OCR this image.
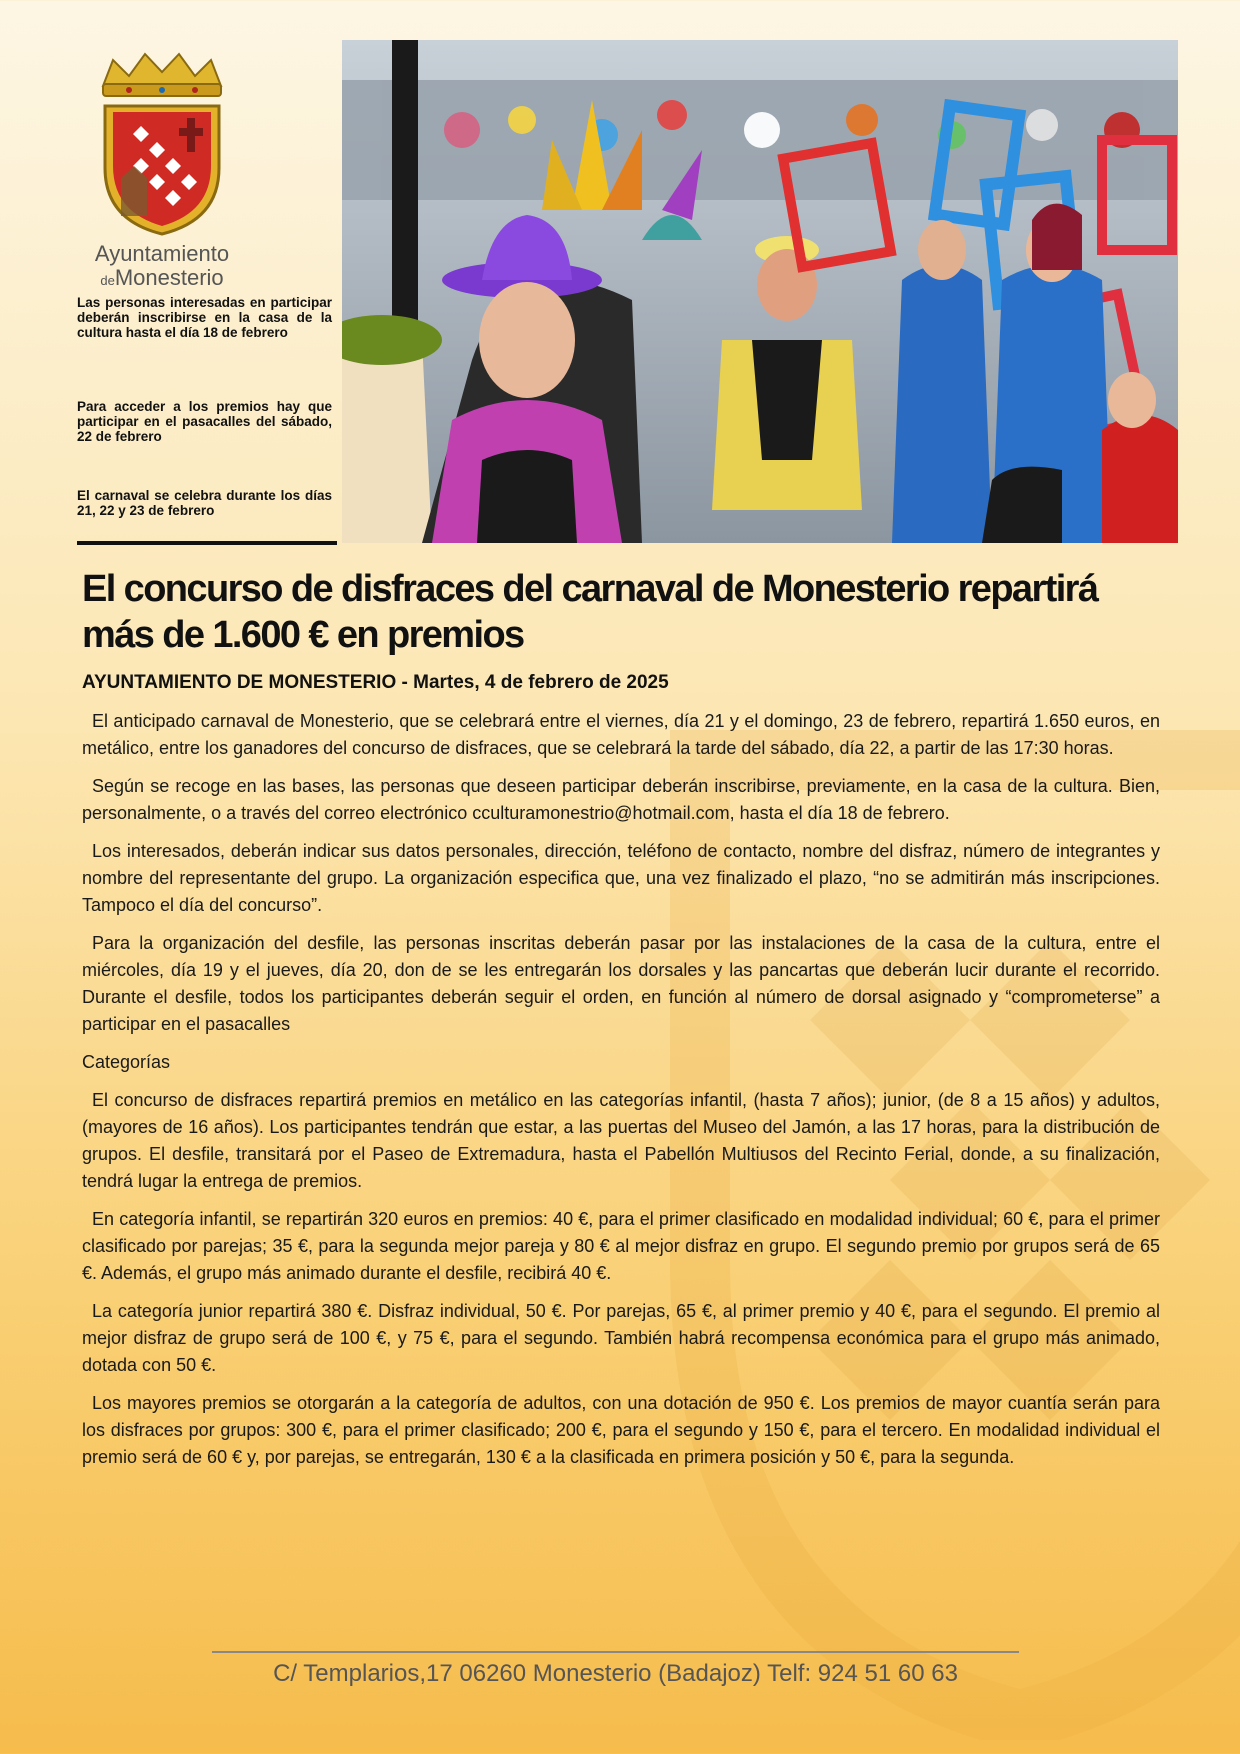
Ayuntamiento
deMonesterio
Las personas interesadas en participar deberán inscribirse en la casa de la cultura hasta el día 18 de febrero
Para acceder a los premios hay que participar en el pasacalles del sábado, 22 de febrero
El carnaval se celebra durante los días 21, 22 y 23 de febrero
El concurso de disfraces del carnaval de Monesterio repartirá más de 1.600 € en premios
AYUNTAMIENTO DE MONESTERIO - Martes, 4 de febrero de 2025

El anticipado carnaval de Monesterio, que se celebrará entre el viernes, día 21 y el domingo, 23 de febrero, repartirá 1.650 euros, en metálico, entre los ganadores del concurso de disfraces, que se celebrará la tarde del sábado, día 22, a partir de las 17:30 horas.

Según se recoge en las bases, las personas que deseen participar deberán inscribirse, previamente, en la casa de la cultura. Bien, personalmente, o a través del correo electrónico cculturamonestrio@hotmail.com, hasta el día 18 de febrero.

Los interesados, deberán indicar sus datos personales, dirección, teléfono de contacto, nombre del disfraz, número de integrantes y nombre del representante del grupo. La organización especifica que, una vez finalizado el plazo, “no se admitirán más inscripciones. Tampoco el día del concurso”.

Para la organización del desfile, las personas inscritas deberán pasar por las instalaciones de la casa de la cultura, entre el miércoles, día 19 y el jueves, día 20, don de se les entregarán los dorsales y las pancartas que deberán lucir durante el recorrido. Durante el desfile, todos los participantes deberán seguir el orden, en función al número de dorsal asignado y “comprometerse” a participar en el pasacalles

Categorías

El concurso de disfraces repartirá premios en metálico en las categorías infantil, (hasta 7 años); junior, (de 8 a 15 años) y adultos, (mayores de 16 años). Los participantes tendrán que estar, a las puertas del Museo del Jamón, a las 17 horas, para la distribución de grupos. El desfile, transitará por el Paseo de Extremadura, hasta el Pabellón Multiusos del Recinto Ferial, donde, a su finalización, tendrá lugar la entrega de premios.

En categoría infantil, se repartirán 320 euros en premios: 40 €, para el primer clasificado en modalidad individual; 60 €, para el primer clasificado por parejas; 35 €, para la segunda mejor pareja y 80 € al mejor disfraz en grupo. El segundo premio por grupos será de 65 €. Además, el grupo más animado durante el desfile, recibirá 40 €.

La categoría junior repartirá 380 €. Disfraz individual, 50 €. Por parejas, 65 €, al primer premio y 40 €, para el segundo. El premio al mejor disfraz de grupo será de 100 €, y 75 €, para el segundo. También habrá recompensa económica para el grupo más animado, dotada con 50 €.

Los mayores premios se otorgarán a la categoría de adultos, con una dotación de 950 €. Los premios de mayor cuantía serán para los disfraces por grupos: 300 €, para el primer clasificado; 200 €, para el segundo y 150 €, para el tercero. En modalidad individual el premio será de 60 € y, por parejas, se entregarán, 130 € a la clasificada en primera posición y 50 €, para la segunda.

C/ Templarios,17 06260 Monesterio (Badajoz) Telf: 924 51 60 63
